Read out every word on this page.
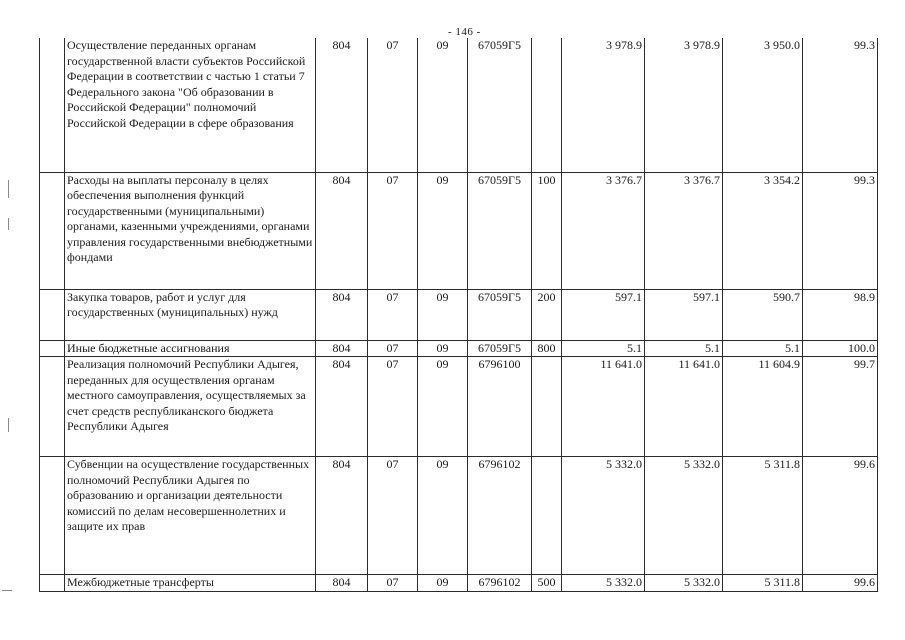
- 146 -
	Осуществление переданных органам государственной власти субъектов Российской Федерации в соответствии с частью 1 статьи 7 Федерального закона "Об образовании в Российской Федерации" полномочий Российской Федерации в сфере образования	804	07	09	67059Г5		3 978.9	3 978.9	3 950.0	99.3
	Расходы на выплаты персоналу в целях обеспечения выполнения функций государственными (муниципальными) органами, казенными учреждениями, органами управления государственными внебюджетными фондами	804	07	09	67059Г5	100	3 376.7	3 376.7	3 354.2	99.3
	Закупка товаров, работ и услуг для государственных (муниципальных) нужд	804	07	09	67059Г5	200	597.1	597.1	590.7	98.9
	Иные бюджетные ассигнования	804	07	09	67059Г5	800	5.1	5.1	5.1	100.0
	Реализация полномочий Республики Адыгея, переданных для осуществления органам местного самоуправления, осуществляемых за счет средств республиканского бюджета Республики Адыгея	804	07	09	6796100		11 641.0	11 641.0	11 604.9	99.7
	Субвенции на осуществление государственных полномочий Республики Адыгея по образованию и организации деятельности комиссий по делам несовершеннолетних и защите их прав	804	07	09	6796102		5 332.0	5 332.0	5 311.8	99.6
	Межбюджетные трансферты	804	07	09	6796102	500	5 332.0	5 332.0	5 311.8	99.6
